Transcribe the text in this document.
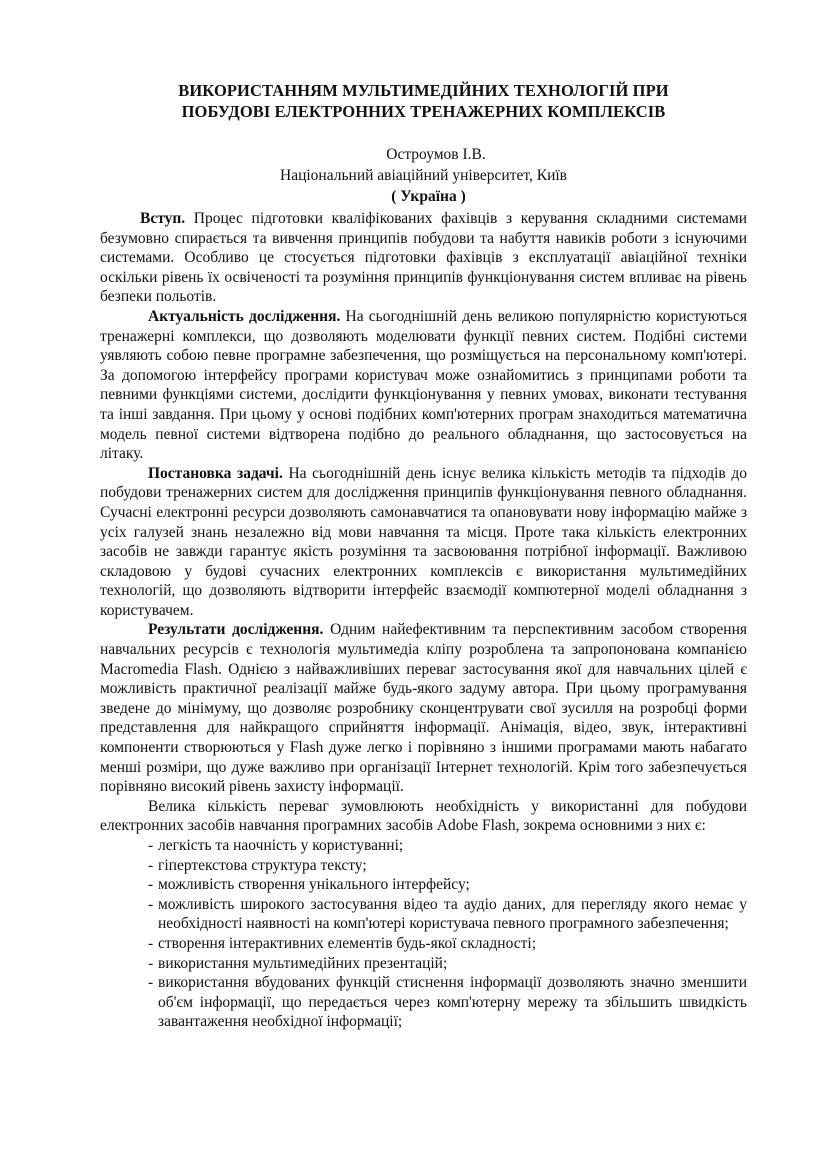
ВИКОРИСТАННЯМ МУЛЬТИМЕДІЙНИХ ТЕХНОЛОГІЙ ПРИ
ПОБУДОВІ ЕЛЕКТРОННИХ ТРЕНАЖЕРНИХ КОМПЛЕКСІВ
Остроумов І.В.
Національний авіаційний університет, Київ
( Україна )

Вступ. Процес підготовки кваліфікованих фахівців з керування складними системами безумовно спирається та вивчення принципів побудови та набуття навиків роботи з існуючими системами. Особливо це стосується підготовки фахівців з експлуатації авіаційної техніки оскільки рівень їх освіченості та розуміння принципів функціонування систем впливає на рівень безпеки польотів.

Актуальність дослідження. На сьогоднішній день великою популярністю користуються тренажерні комплекси, що дозволяють моделювати функції певних систем. Подібні системи уявляють собою певне програмне забезпечення, що розміщується на персональному комп'ютері. За допомогою інтерфейсу програми користувач може ознайомитись з принципами роботи та певними функціями системи, дослідити функціонування у певних умовах, виконати тестування та інші завдання. При цьому у основі подібних комп'ютерних програм знаходиться математична модель певної системи відтворена подібно до реального обладнання, що застосовується на літаку.

Постановка задачі. На сьогоднішній день існує велика кількість методів та підходів до побудови тренажерних систем для дослідження принципів функціонування певного обладнання. Сучасні електронні ресурси дозволяють самонавчатися та опановувати нову інформацію майже з усіх галузей знань незалежно від мови навчання та місця. Проте така кількість електронних засобів не завжди гарантує якість розуміння та засвоювання потрібної інформації. Важливою складовою у будові сучасних електронних комплексів є використання мультимедійних технологій, що дозволяють відтворити інтерфейс взаємодії компютерної моделі обладнання з користувачем.

Результати дослідження. Одним найефективним та перспективним засобом створення навчальних ресурсів є технологія мультимедіа кліпу розроблена та запропонована компанією Macromedia Flash. Однією з найважливіших переваг застосування якої для навчальних цілей є можливість практичної реалізації майже будь-якого задуму автора. При цьому програмування зведене до мінімуму, що дозволяє розробнику сконцентрувати свої зусилля на розробці форми представлення для найкращого сприйняття інформації. Анімація, відео, звук, інтерактивні компоненти створюються у Flash дуже легко і порівняно з іншими програмами мають набагато менші розміри, що дуже важливо при організації Інтернет технологій. Крім того забезпечується порівняно високий рівень захисту інформації.

Велика кількість переваг зумовлюють необхідність у використанні для побудови електронних засобів навчання програмних засобів Adobe Flash, зокрема основними з них є:

- легкість та наочність у користуванні;
- гіпертекстова структура тексту;
- можливість створення унікального інтерфейсу;
- можливість широкого застосування відео та аудіо даних, для перегляду якого немає у необхідності наявності на комп'ютері користувача певного програмного забезпечення;
- створення інтерактивних елементів будь-якої складності;
- використання мультимедійних презентацій;
- використання вбудованих функцій стиснення інформації дозволяють значно зменшити об'єм інформації, що передається через комп'ютерну мережу та збільшить швидкість завантаження необхідної інформації;
